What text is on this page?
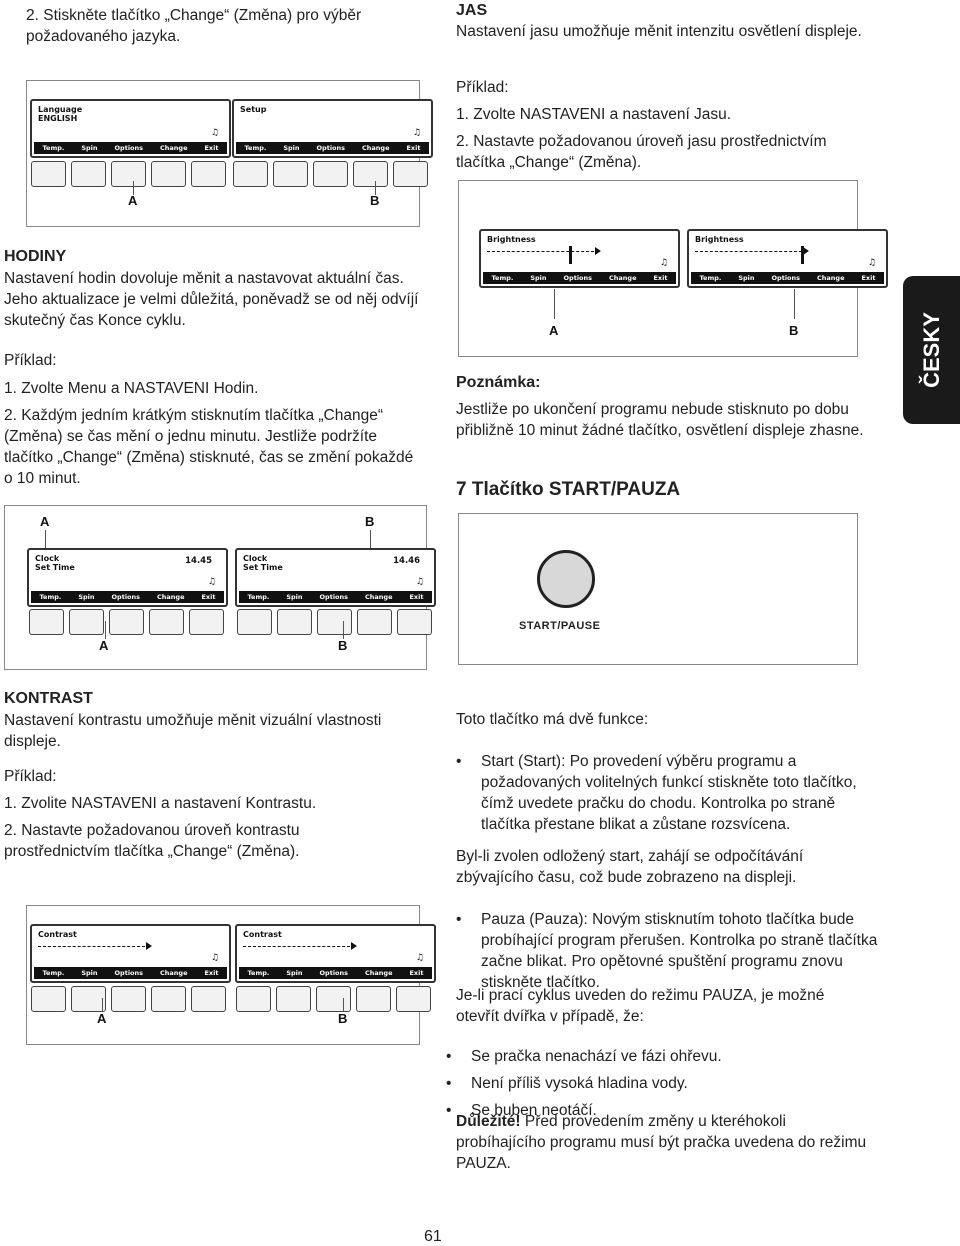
2. Stiskněte tlačítko „Change“ (Změna) pro výběr požadovaného jazyka.

Language
ENGLISH
♫
Temp.	Spin	Options	Change	Exit
Setup
♫
Temp.	Spin	Options	Change	Exit
A	B

HODINY

Nastavení hodin dovoluje měnit a nastavovat aktuální čas. Jeho aktualizace je velmi důležitá, poněvadž se od něj odvíjí skutečný čas Konce cyklu.

Příklad:

1. Zvolte Menu a NASTAVENI Hodin.

2. Každým jedním krátkým stisknutím tlačítka „Change“ (Změna) se čas mění o jednu minutu. Jestliže podržíte tlačítko „Change“ (Změna) stisknuté, čas se změní pokaždé o 10 minut.

A	B
Clock
Set Time
14.45
♫
Temp.	Spin	Options	Change	Exit
Clock
Set Time
14.46
♫
Temp.	Spin	Options	Change	Exit
A	B

KONTRAST

Nastavení kontrastu umožňuje měnit vizuální vlastnosti displeje.

Příklad:

1. Zvolite NASTAVENI a nastavení Kontrastu.

2. Nastavte požadovanou úroveň kontrastu prostřednictvím tlačítka „Change“ (Změna).

Contrast
♫
Temp.	Spin	Options	Change	Exit
Contrast
♫
Temp.	Spin	Options	Change	Exit
A	B

JAS

Nastavení jasu umožňuje měnit intenzitu osvětlení displeje.

Příklad:

1. Zvolte NASTAVENI a nastavení Jasu.

2. Nastavte požadovanou úroveň jasu prostřednictvím tlačítka „Change“ (Změna).

Brightness
♫
Temp.	Spin	Options	Change	Exit
Brightness
♫
Temp.	Spin	Options	Change	Exit
A	B

Poznámka:

Jestliže po ukončení programu nebude stisknuto po dobu přibližně 10 minut žádné tlačítko, osvětlení displeje zhasne.

7 Tlačítko START/PAUZA

START/PAUSE

Toto tlačítko má dvě funkce:

• Start (Start): Po provedení výběru programu a požadovaných volitelných funkcí stiskněte toto tlačítko, čímž uvedete pračku do chodu. Kontrolka po straně tlačítka přestane blikat a zůstane rozsvícena.

Byl-li zvolen odložený start, zahájí se odpočítávání zbývajícího času, což bude zobrazeno na displeji.

• Pauza (Pauza): Novým stisknutím tohoto tlačítka bude probíhající program přerušen. Kontrolka po straně tlačítka začne blikat. Pro opětovné spuštění programu znovu stiskněte tlačítko.

Je-li prací cyklus uveden do režimu PAUZA, je možné otevřít dvířka v případě, že:

• Se pračka nenachází ve fázi ohřevu.

• Není příliš vysoká hladina vody.

• Se buben neotáčí.

Důležité! Před provedením změny u kteréhokoli probíhajícího programu musí být pračka uvedena do režimu PAUZA.

ČESKY
61
